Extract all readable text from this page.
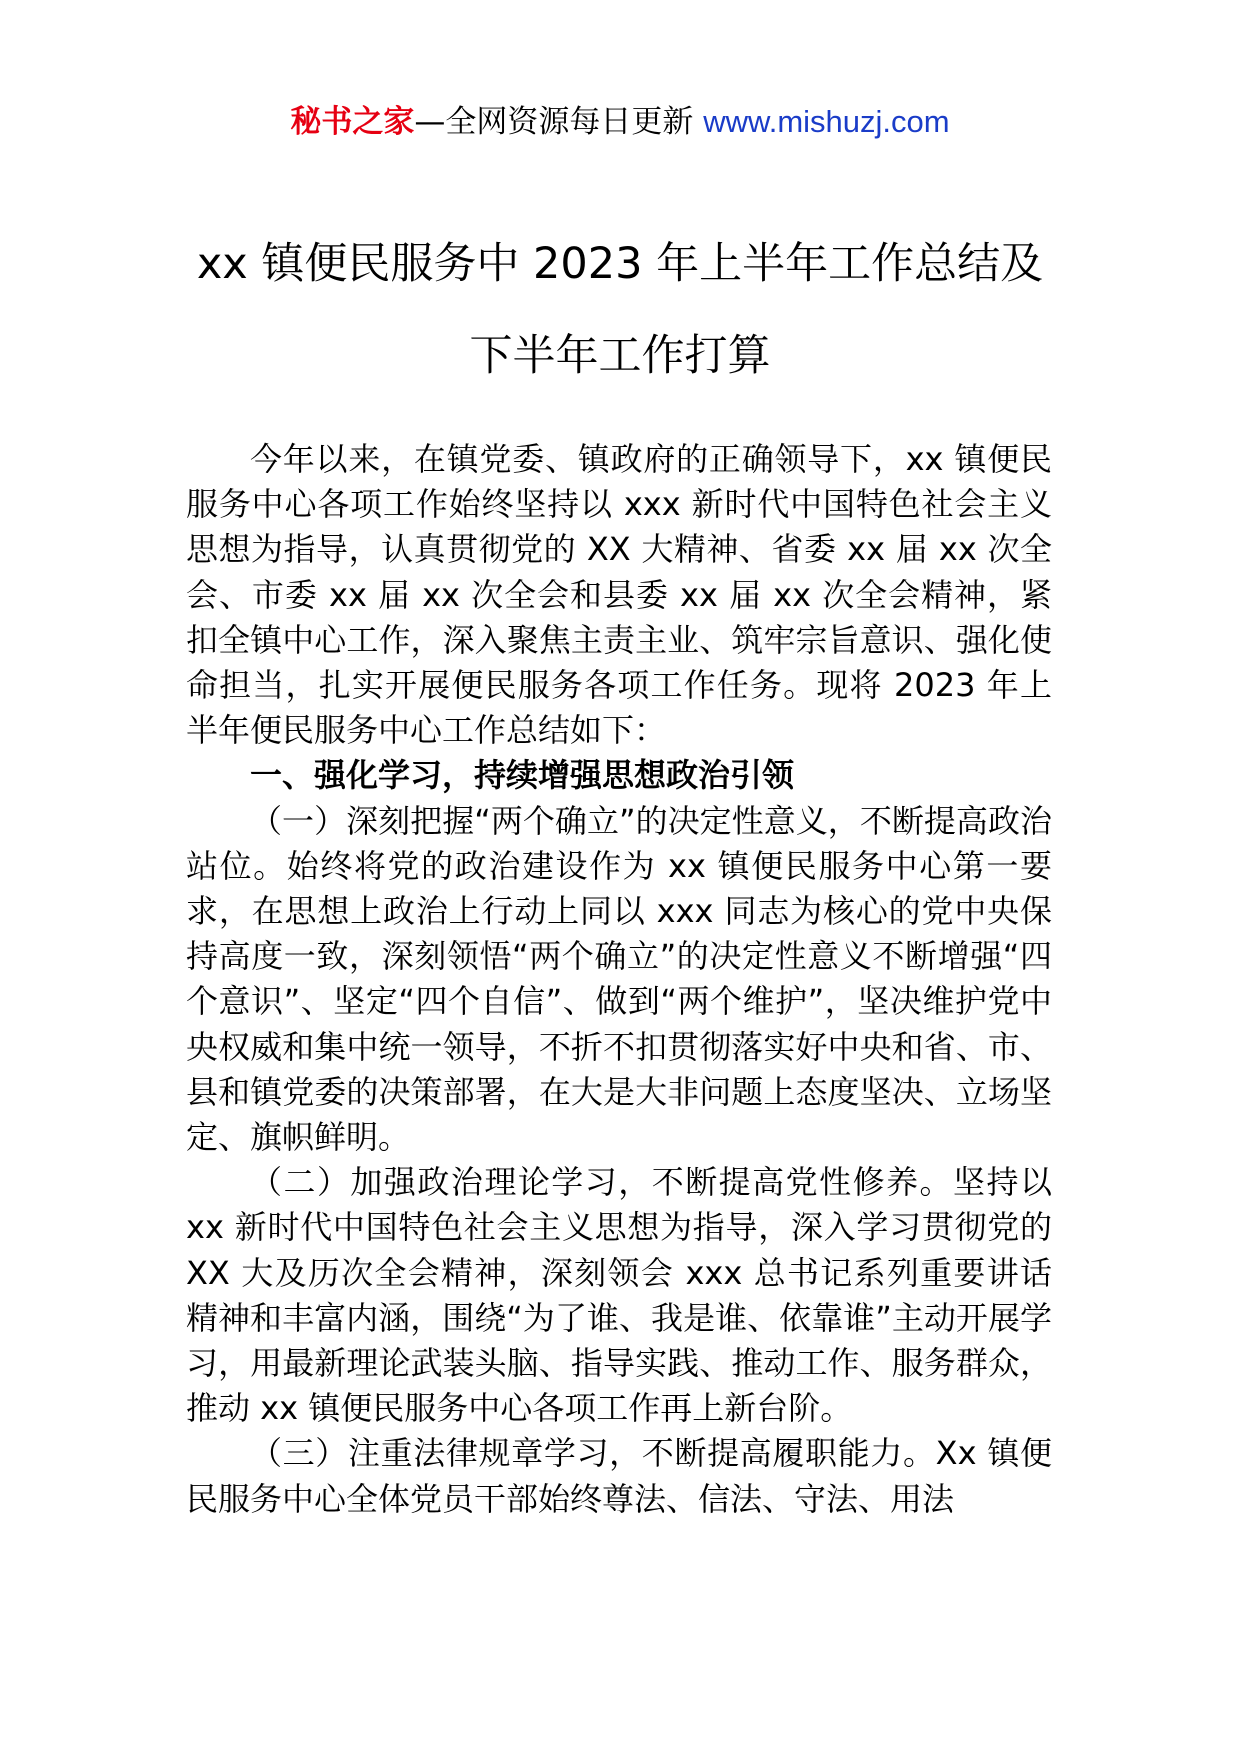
秘书之家—全网资源每日更新 www.mishuzj.com
xx 镇便民服务中 2023 年上半年工作总结及
下半年工作打算

今年以来，在镇党委、镇政府的正确领导下，xx 镇便民服务中心各项工作始终坚持以 xxx 新时代中国特色社会主义思想为指导，认真贯彻党的 XX 大精神、省委 xx 届 xx 次全会、市委 xx 届 xx 次全会和县委 xx 届 xx 次全会精神，紧扣全镇中心工作，深入聚焦主责主业、筑牢宗旨意识、强化使命担当，扎实开展便民服务各项工作任务。现将 2023 年上半年便民服务中心工作总结如下：

一、强化学习，持续增强思想政治引领

（一）深刻把握“两个确立”的决定性意义，不断提高政治站位。始终将党的政治建设作为 xx 镇便民服务中心第一要求，在思想上政治上行动上同以 xxx 同志为核心的党中央保持高度一致，深刻领悟“两个确立”的决定性意义不断增强“四个意识”、坚定“四个自信”、做到“两个维护”，坚决维护党中央权威和集中统一领导，不折不扣贯彻落实好中央和省、市、县和镇党委的决策部署，在大是大非问题上态度坚决、立场坚定、旗帜鲜明。

（二）加强政治理论学习，不断提高党性修养。坚持以 xx 新时代中国特色社会主义思想为指导，深入学习贯彻党的 XX 大及历次全会精神，深刻领会 xxx 总书记系列重要讲话精神和丰富内涵，围绕“为了谁、我是谁、依靠谁”主动开展学习，用最新理论武装头脑、指导实践、推动工作、服务群众，推动 xx 镇便民服务中心各项工作再上新台阶。

（三）注重法律规章学习，不断提高履职能力。Xx 镇便民服务中心全体党员干部始终尊法、信法、守法、用法
